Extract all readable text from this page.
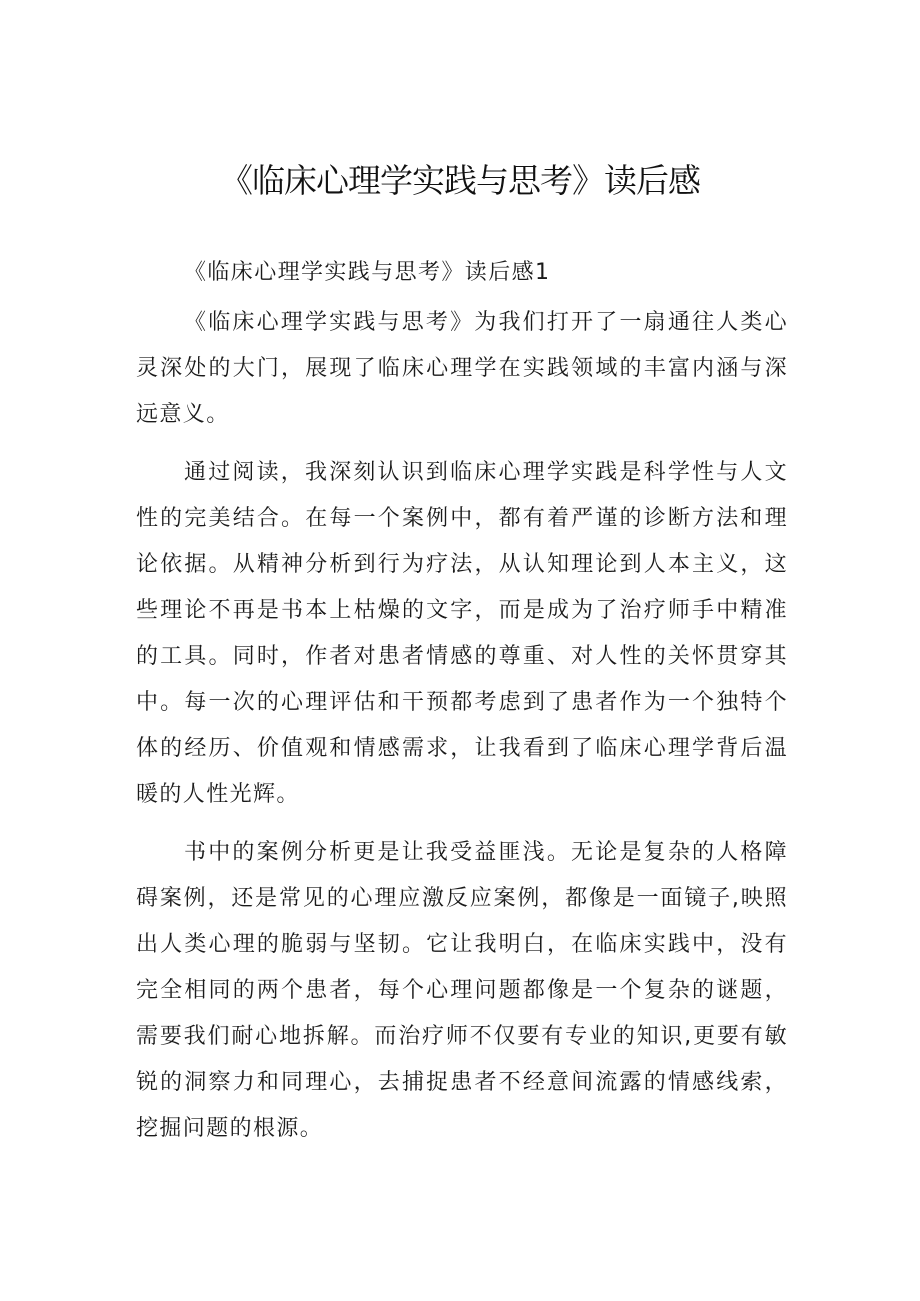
《临床心理学实践与思考》读后感

《临床心理学实践与思考》读后感1

《临床心理学实践与思考》为我们打开了一扇通往人类心灵深处的大门，展现了临床心理学在实践领域的丰富内涵与深远意义。

通过阅读，我深刻认识到临床心理学实践是科学性与人文性的完美结合。在每一个案例中，都有着严谨的诊断方法和理论依据。从精神分析到行为疗法，从认知理论到人本主义，这些理论不再是书本上枯燥的文字，而是成为了治疗师手中精准的工具。同时，作者对患者情感的尊重、对人性的关怀贯穿其中。每一次的心理评估和干预都考虑到了患者作为一个独特个体的经历、价值观和情感需求，让我看到了临床心理学背后温暖的人性光辉。

书中的案例分析更是让我受益匪浅。无论是复杂的人格障碍案例，还是常见的心理应激反应案例，都像是一面镜子,映照出人类心理的脆弱与坚韧。它让我明白，在临床实践中，没有完全相同的两个患者，每个心理问题都像是一个复杂的谜题，需要我们耐心地拆解。而治疗师不仅要有专业的知识,更要有敏锐的洞察力和同理心，去捕捉患者不经意间流露的情感线索，挖掘问题的根源。
